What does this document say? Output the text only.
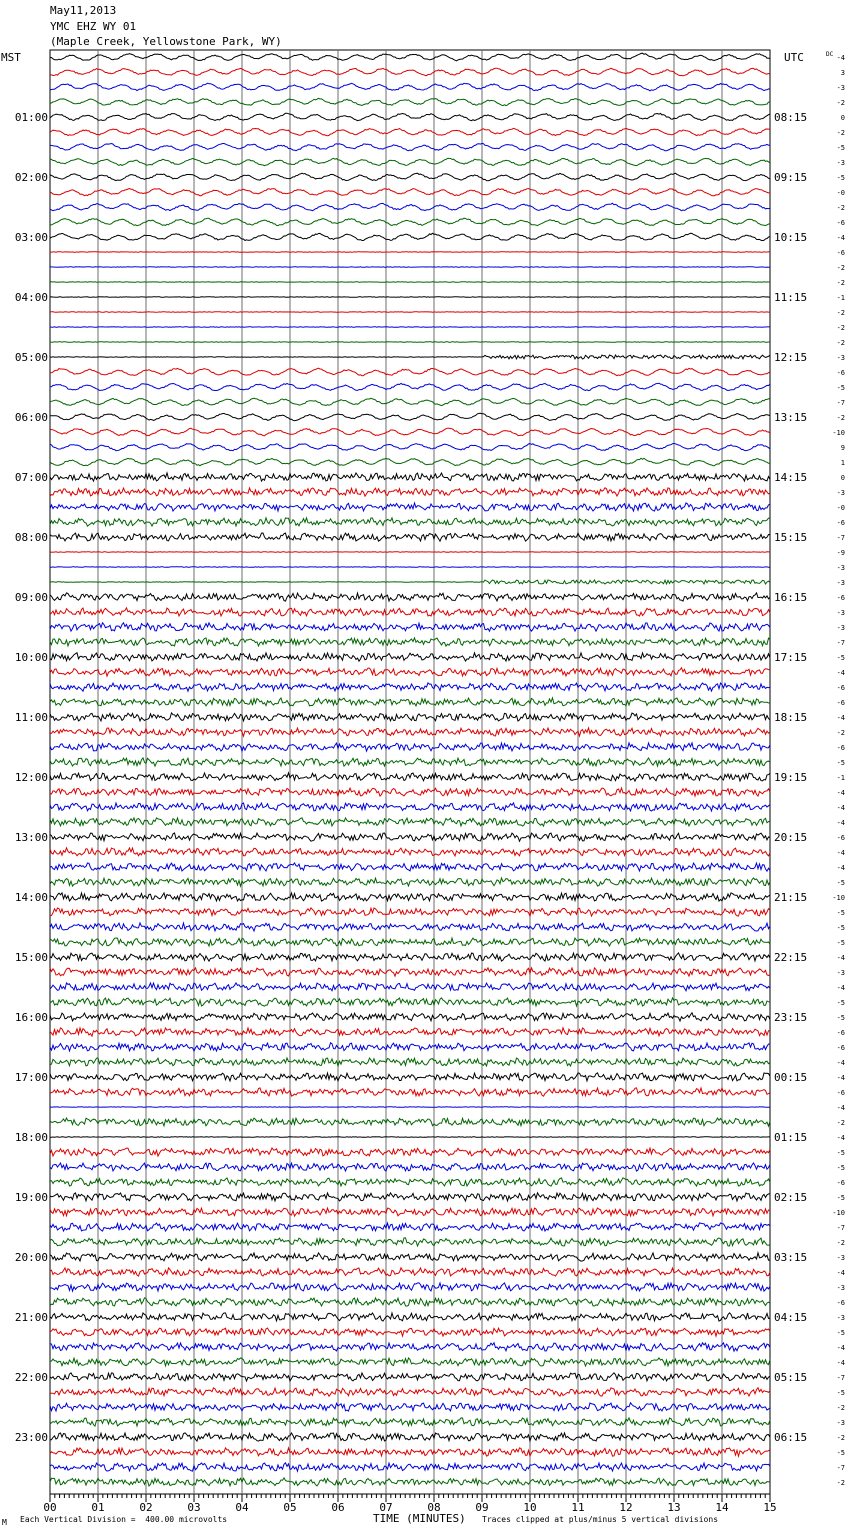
May11,2013
YMC EHZ WY 01
(Maple Creek, Yellowstone Park, WY)
MST
01:00
02:00
03:00
04:00
05:00
06:00
07:00
08:00
09:00
10:00
11:00
12:00
13:00
14:00
15:00
16:00
17:00
18:00
19:00
20:00
21:00
22:00
23:00
UTC
08:15
09:15
10:15
11:15
12:15
13:15
14:15
15:15
16:15
17:15
18:15
19:15
20:15
21:15
22:15
23:15
00:15
01:15
02:15
03:15
04:15
05:15
06:15
DC -4
3
-3
-2
0
-2
-5
-3
-5
-0
-2
-6
-4
-6
-2
-2
-1
-2
-2
-2
-3
-6
-5
-7
-2
-10
9
1
0
-3
-0
-6
-7
-9
-3
-3
-6
-3
-3
-7
-5
-4
-6
-6
-4
-2
-6
-5
-1
-4
-4
-4
-6
-4
-4
-5
-10
-5
-5
-5
-4
-3
-4
-5
-5
-6
-6
-4
-4
-6
-4
-2
-4
-5
-5
-6
-5
-10
-7
-2
-3
-4
-3
-6
-3
-5
-4
-4
-7
-5
-2
-3
-2
-5
-7
-2
00	01	02	03	04	05	06	07	08	09	10	11	12	13	14	15
M Each Vertical Division =  400.00 microvolts	TIME (MINUTES) Traces clipped at plus/minus 5 vertical divisions
